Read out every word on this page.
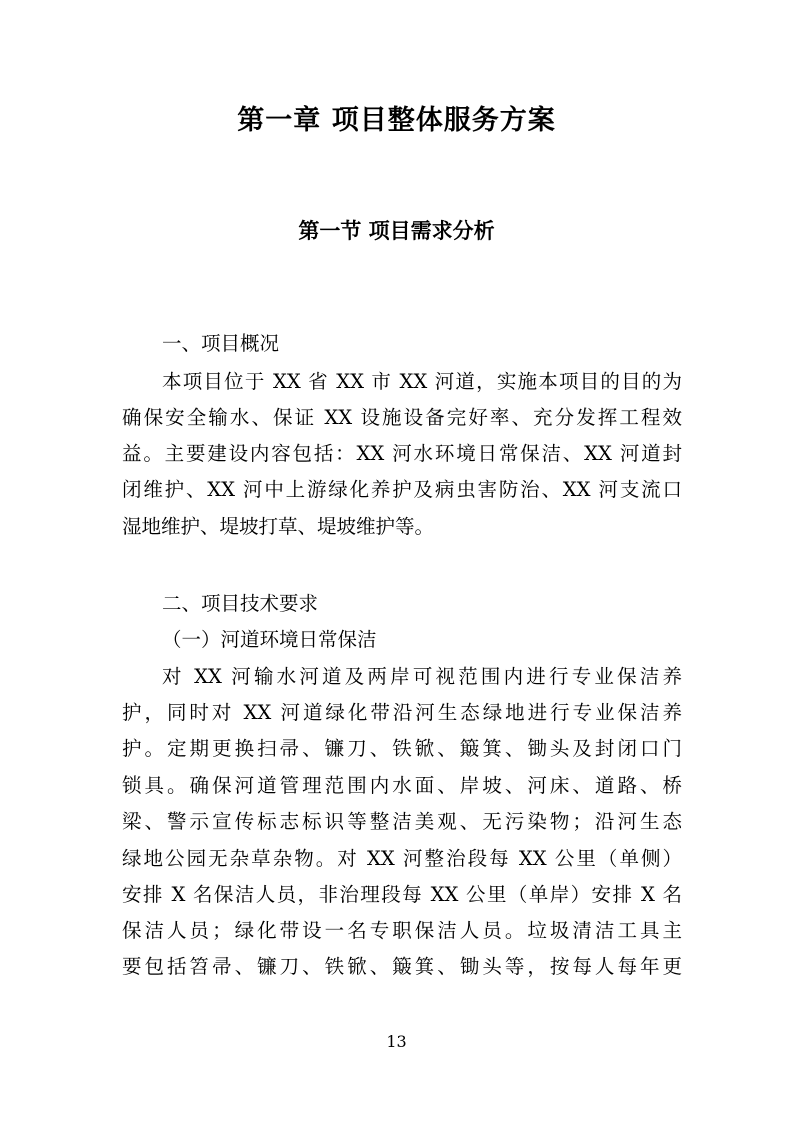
第一章 项目整体服务方案
第一节 项目需求分析
一、项目概况
本项目位于 XX 省 XX 市 XX 河道，实施本项目的目的为
确保安全输水、保证 XX 设施设备完好率、充分发挥工程效
益。主要建设内容包括：XX 河水环境日常保洁、XX 河道封
闭维护、XX 河中上游绿化养护及病虫害防治、XX 河支流口
湿地维护、堤坡打草、堤坡维护等。
二、项目技术要求
（一）河道环境日常保洁
对 XX 河输水河道及两岸可视范围内进行专业保洁养
护，同时对 XX 河道绿化带沿河生态绿地进行专业保洁养
护。定期更换扫帚、镰刀、铁锨、簸箕、锄头及封闭口门
锁具。确保河道管理范围内水面、岸坡、河床、道路、桥
梁、警示宣传标志标识等整洁美观、无污染物；沿河生态
绿地公园无杂草杂物。对 XX 河整治段每 XX 公里（单侧）
安排 X 名保洁人员，非治理段每 XX 公里（单岸）安排 X 名
保洁人员；绿化带设一名专职保洁人员。垃圾清洁工具主
要包括笤帚、镰刀、铁锨、簸箕、锄头等，按每人每年更
13
